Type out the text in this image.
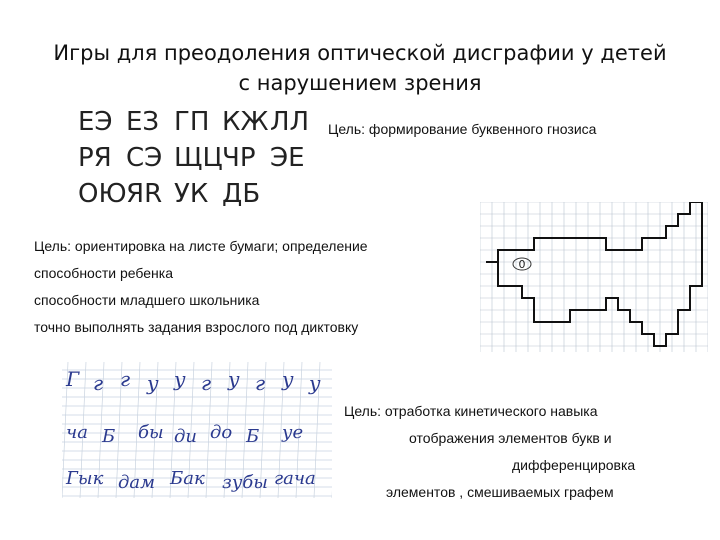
Игры для преодоления оптической дисграфии у детей
с нарушением зрения
ЕЭ ЕЗ ГП КЖ ЛЛ
РЯ СЭ ЩЦ ЧР ЭЕ
ОЮ ЯR УК ДБ
Цель: формирование буквенного гнозиса
Цель: ориентировка на листе бумаги; определение
способности ребенка
способности младшего школьника
точно выполнять задания взрослого под диктовку
0
Г г г у у г у г у у
ча Б бы ди до Б уе
Гык дам Бак зубы гача
Цель: отработка кинетического навыка
отображения элементов букв и
дифференцировка
элементов , смешиваемых графем
